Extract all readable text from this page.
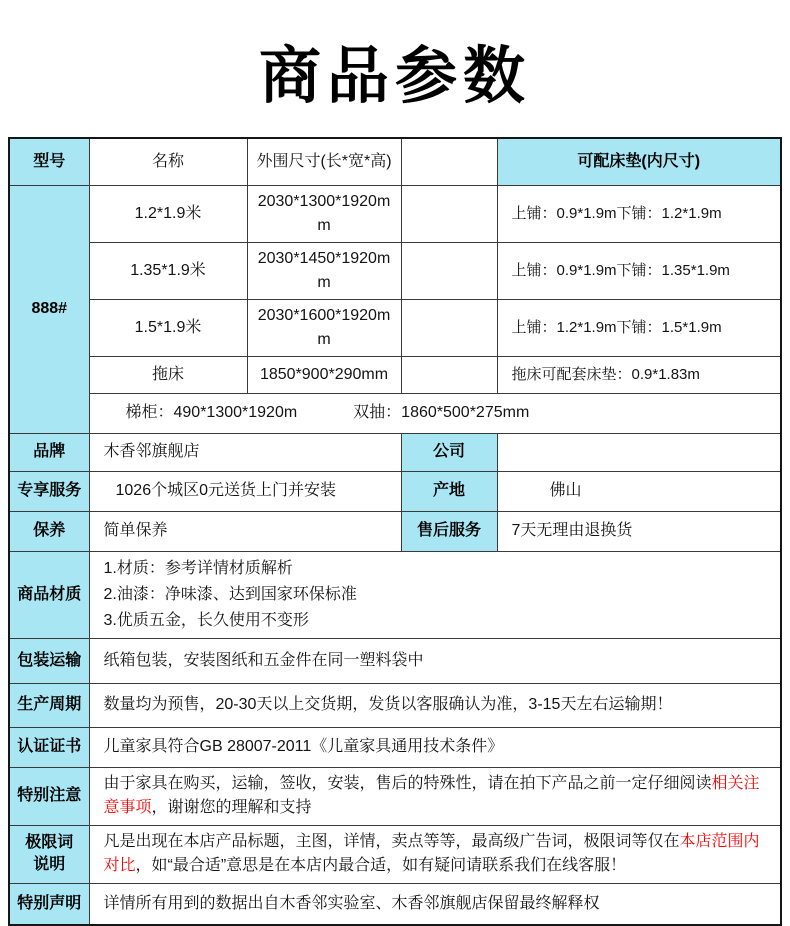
商品参数
型号	名称	外围尺寸(长*宽*高)		可配床垫(内尺寸)
888#	1.2*1.9米	2030*1300*1920mm		上铺：0.9*1.9m下铺：1.2*1.9m
	1.35*1.9米	2030*1450*1920mm		上铺：0.9*1.9m下铺：1.35*1.9m
	1.5*1.9米	2030*1600*1920mm		上铺：1.2*1.9m下铺：1.5*1.9m
	拖床	1850*900*290mm		拖床可配套床垫：0.9*1.83m

	梯柜：490*1300*1920m 双抽：1860*500*275mm			

品牌	木香邻旗舰店		公司	
专享服务	1026个城区0元送货上门并安装		产地	佛山
保养	简单保养		售后服务	7天无理由退换货
商品材质	1.材质：参考详情材质解析
2.油漆：净味漆、达到国家环保标准
3.优质五金，长久使用不变形			

包装运输	纸箱包装，安装图纸和五金件在同一塑料袋中			
生产周期	数量均为预售，20-30天以上交货期，发货以客服确认为准，3-15天左右运输期！			
认证证书	儿童家具符合GB 28007-2011《儿童家具通用技术条件》			
特别注意	由于家具在购买，运输，签收，安装，售后的特殊性，请在拍下产品之前一定仔细阅读相关注意事项，谢谢您的理解和支持			
极限词说明	凡是出现在本店产品标题，主图，详情，卖点等等，最高级广告词，极限词等仅在本店范围内对比，如“最合适”意思是在本店内最合适，如有疑问请联系我们在线客服！			
特别声明	详情所有用到的数据出自木香邻实验室、木香邻旗舰店保留最终解释权			
